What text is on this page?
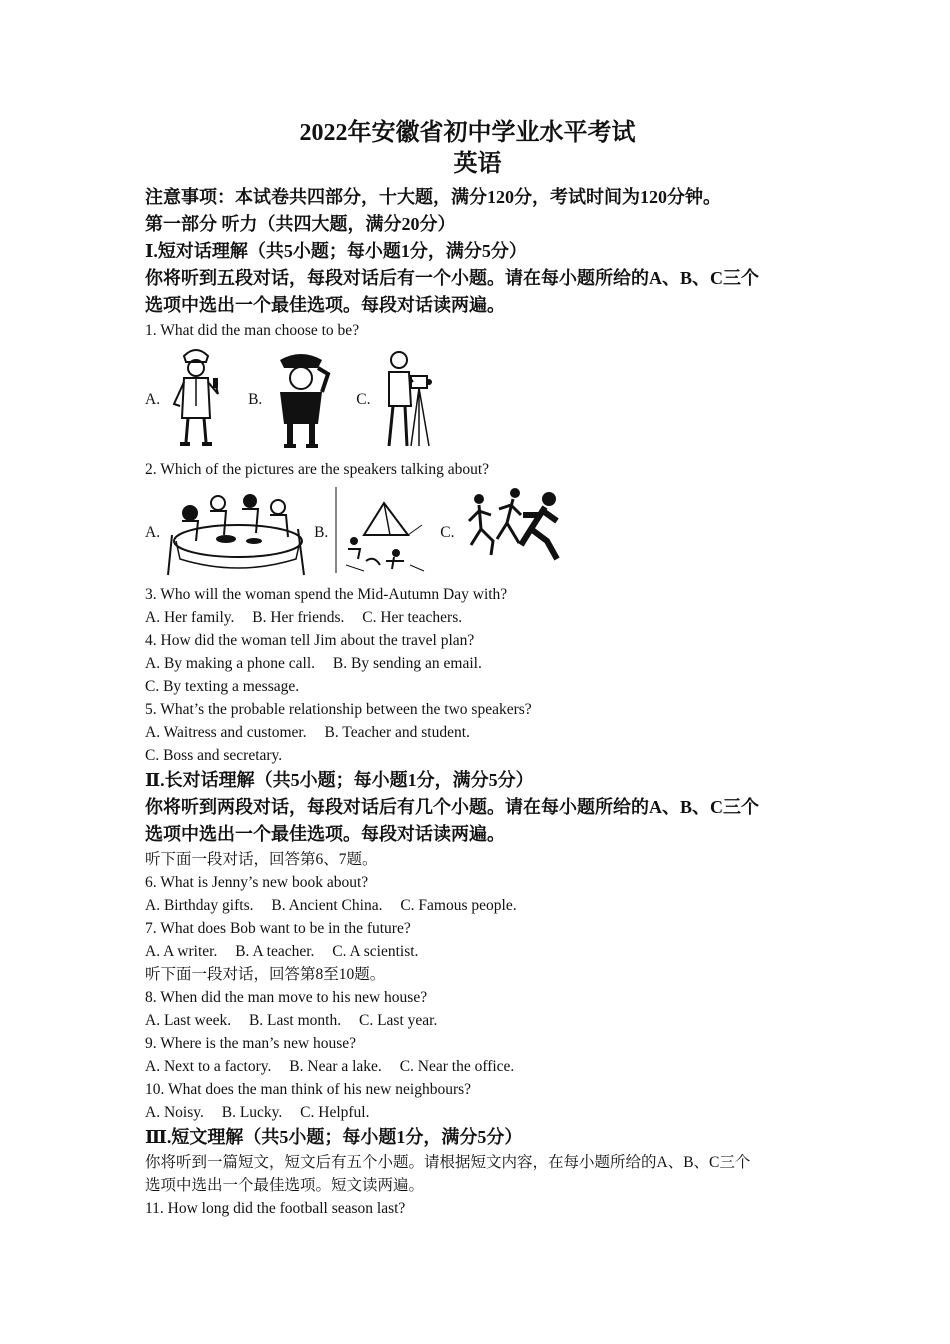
2022年安徽省初中学业水平考试
英语
注意事项：本试卷共四部分，十大题，满分120分，考试时间为120分钟。
第一部分 听力（共四大题，满分20分）
Ⅰ.短对话理解（共5小题；每小题1分，满分5分）
你将听到五段对话，每段对话后有一个小题。请在每小题所给的A、B、C三个
选项中选出一个最佳选项。每段对话读两遍。
1. What did the man choose to be?
A.	B.	C.
2. Which of the pictures are the speakers talking about?
A.	B.	C.
3. Who will the woman spend the Mid-Autumn Day with?
A. Her family. B. Her friends. C. Her teachers.
4. How did the woman tell Jim about the travel plan?
A. By making a phone call. B. By sending an email.
C. By texting a message.
5. What’s the probable relationship between the two speakers?
A. Waitress and customer. B. Teacher and student.
C. Boss and secretary.
Ⅱ.长对话理解（共5小题；每小题1分，满分5分）
你将听到两段对话，每段对话后有几个小题。请在每小题所给的A、B、C三个
选项中选出一个最佳选项。每段对话读两遍。
听下面一段对话，回答第6、7题。
6. What is Jenny’s new book about?
A. Birthday gifts. B. Ancient China. C. Famous people.
7. What does Bob want to be in the future?
A. A writer. B. A teacher. C. A scientist.
听下面一段对话，回答第8至10题。
8. When did the man move to his new house?
A. Last week. B. Last month. C. Last year.
9. Where is the man’s new house?
A. Next to a factory. B. Near a lake. C. Near the office.
10. What does the man think of his new neighbours?
A. Noisy. B. Lucky. C. Helpful.
Ⅲ.短文理解（共5小题；每小题1分，满分5分）
你将听到一篇短文，短文后有五个小题。请根据短文内容，在每小题所给的A、B、C三个
选项中选出一个最佳选项。短文读两遍。
11. How long did the football season last?
